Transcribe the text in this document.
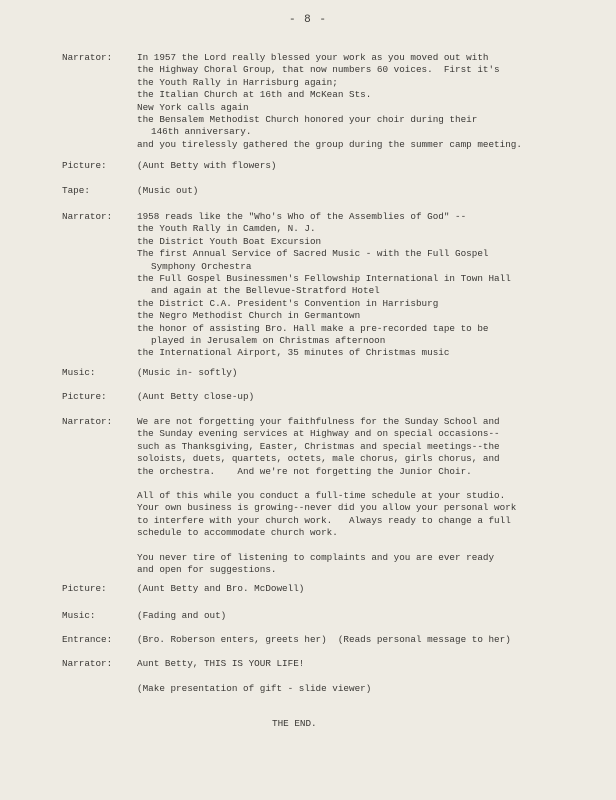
- 8 -
Narrator:	In 1957 the Lord really blessed your work as you moved out with
the Highway Choral Group, that now numbers 60 voices.  First it's
the Youth Rally in Harrisburg again;
the Italian Church at 16th and McKean Sts.
New York calls again
the Bensalem Methodist Church honored your choir during their
146th anniversary.
and you tirelessly gathered the group during the summer camp meeting.
Picture:	(Aunt Betty with flowers)
Tape:	(Music out)
Narrator:	1958 reads like the "Who's Who of the Assemblies of God" --
the Youth Rally in Camden, N. J.
the District Youth Boat Excursion
The first Annual Service of Sacred Music - with the Full Gospel
Symphony Orchestra
the Full Gospel Businessmen's Fellowship International in Town Hall
and again at the Bellevue-Stratford Hotel
the District C.A. President's Convention in Harrisburg
the Negro Methodist Church in Germantown
the honor of assisting Bro. Hall make a pre-recorded tape to be
played in Jerusalem on Christmas afternoon
the International Airport, 35 minutes of Christmas music
Music:	(Music in- softly)
Picture:	(Aunt Betty close-up)
Narrator:	We are not forgetting your faithfulness for the Sunday School and
the Sunday evening services at Highway and on special occasions--
such as Thanksgiving, Easter, Christmas and special meetings--the
soloists, duets, quartets, octets, male chorus, girls chorus, and
the orchestra.    And we're not forgetting the Junior Choir.
All of this while you conduct a full-time schedule at your studio.
Your own business is growing--never did you allow your personal work
to interfere with your church work.   Always ready to change a full
schedule to accommodate church work.
You never tire of listening to complaints and you are ever ready
and open for suggestions.
Picture:	(Aunt Betty and Bro. McDowell)
Music:	(Fading and out)
Entrance:	(Bro. Roberson enters, greets her)  (Reads personal message to her)
Narrator:	Aunt Betty, THIS IS YOUR LIFE!
(Make presentation of gift - slide viewer)
THE END.
